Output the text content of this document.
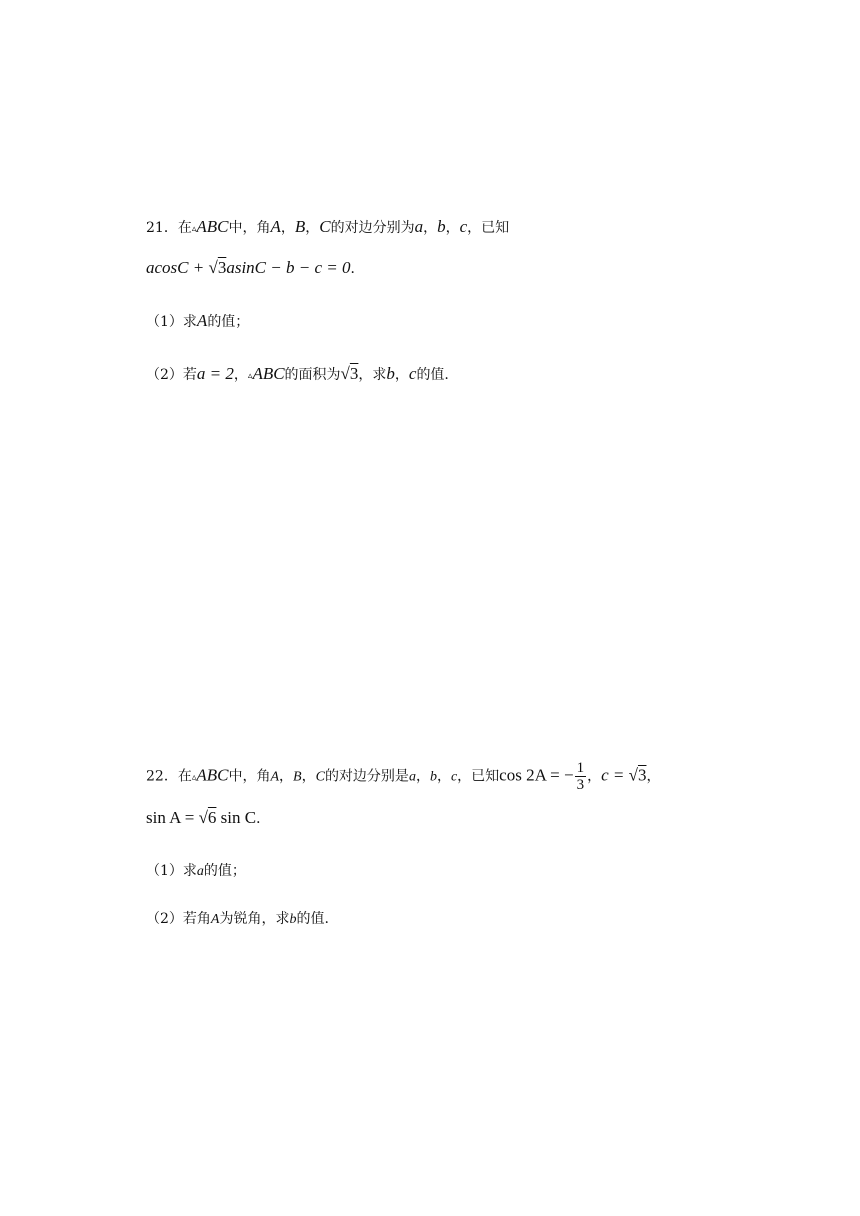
21．在▵ABC中，角A，B，C的对边分别为a，b，c，已知
acosC + √3asinC − b − c = 0．
（1）求A的值；
（2）若a = 2，▵ABC的面积为√3，求b，c的值.
22．在▵ABC中，角A，B，C的对边分别是a，b，c，已知cos 2A = − $\frac{1}{3}$ ，c = √3，
sin A = √6 sin C．
（1）求a的值；
（2）若角A为锐角，求b的值.
